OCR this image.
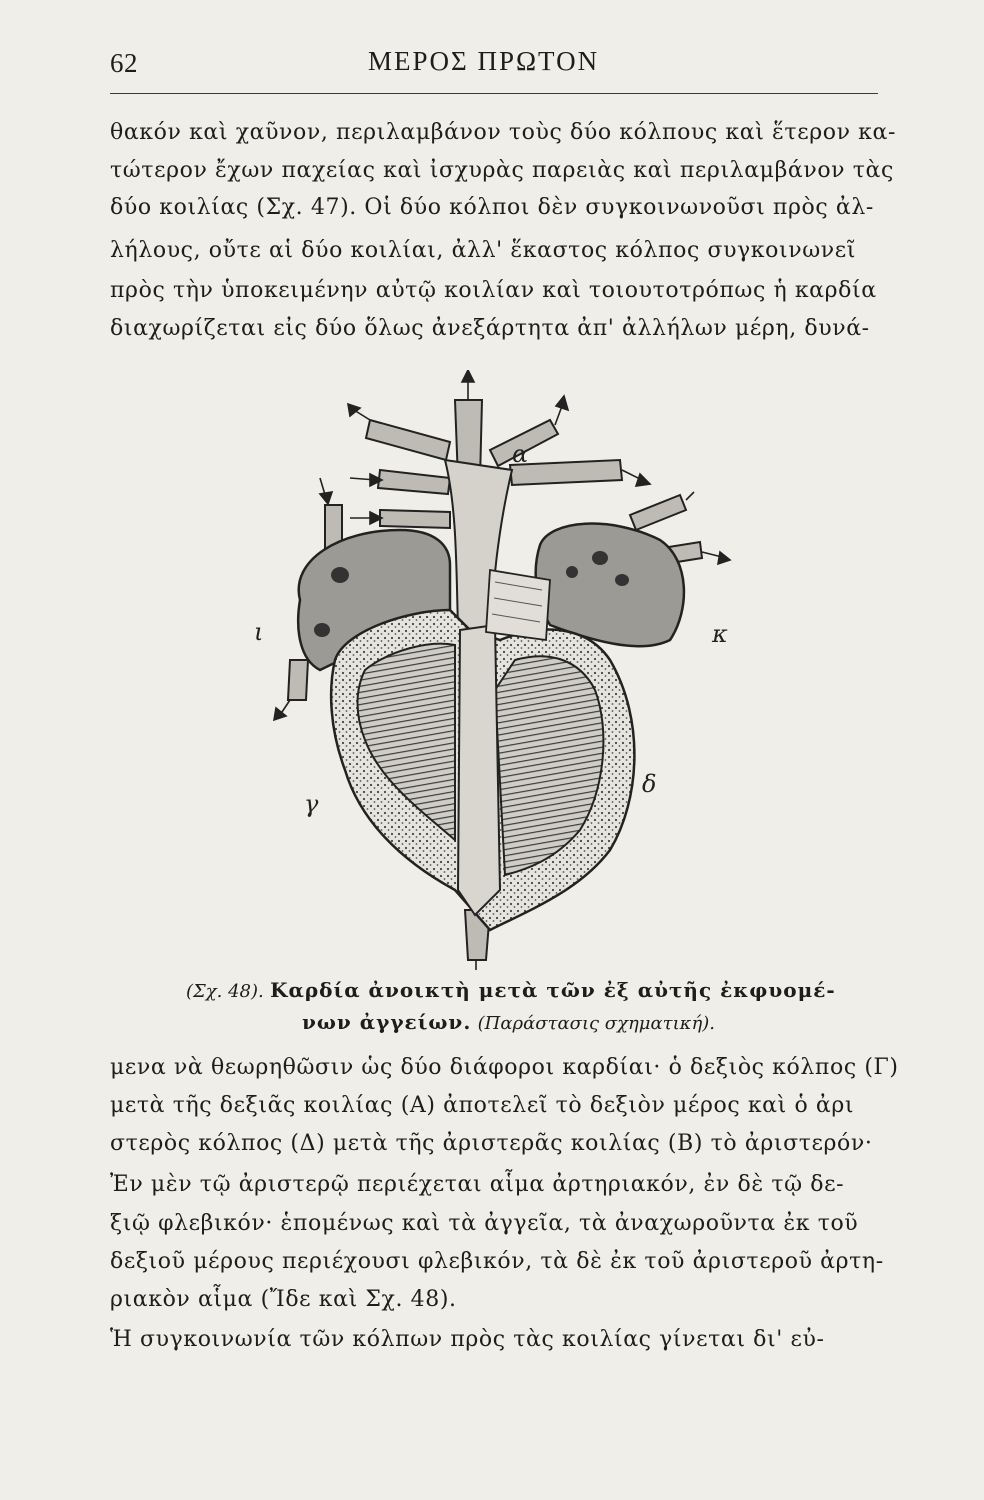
62	ΜΕΡΟΣ ΠΡΩΤΟΝ
θακόν καὶ χαῦνον, περιλαμβάνον τοὺς δύο κόλπους καὶ ἕτερον κα-
τώτερον ἔχων παχείας καὶ ἰσχυρὰς παρειὰς καὶ περιλαμβάνον τὰς
δύο κοιλίας (Σχ. 47). Οἱ δύο κόλποι δὲν συγκοινωνοῦσι πρὸς ἀλ-
λήλους, οὔτε αἱ δύο κοιλίαι, ἀλλ' ἕκαστος κόλπος συγκοινωνεῖ
πρὸς τὴν ὑποκειμένην αὐτῷ κοιλίαν καὶ τοιουτοτρόπως ἡ καρδία
διαχωρίζεται εἰς δύο ὅλως ἀνεξάρτητα ἀπ' ἀλλήλων μέρη, δυνά-
α
ι	κ
γ
δ
(Σχ. 48). Καρδία ἀνοικτὴ μετὰ τῶν ἐξ αὐτῆς ἐκφυομέ-
νων ἀγγείων. (Παράστασις σχηματική).
μενα νὰ θεωρηθῶσιν ὡς δύο διάφοροι καρδίαι· ὁ δεξιὸς κόλπος (Γ)
μετὰ τῆς δεξιᾶς κοιλίας (Α) ἀποτελεῖ τὸ δεξιὸν μέρος καὶ ὁ ἀρι
στερὸς κόλπος (Δ) μετὰ τῆς ἀριστερᾶς κοιλίας (Β) τὸ ἀριστερόν·
Ἐν μὲν τῷ ἀριστερῷ περιέχεται αἷμα ἀρτηριακόν, ἐν δὲ τῷ δε-
ξιῷ φλεβικόν· ἑπομένως καὶ τὰ ἀγγεῖα, τὰ ἀναχωροῦντα ἐκ τοῦ
δεξιοῦ μέρους περιέχουσι φλεβικόν, τὰ δὲ ἐκ τοῦ ἀριστεροῦ ἀρτη-
ριακὸν αἷμα (Ἴδε καὶ Σχ. 48).
Ἡ συγκοινωνία τῶν κόλπων πρὸς τὰς κοιλίας γίνεται δι' εὐ-
